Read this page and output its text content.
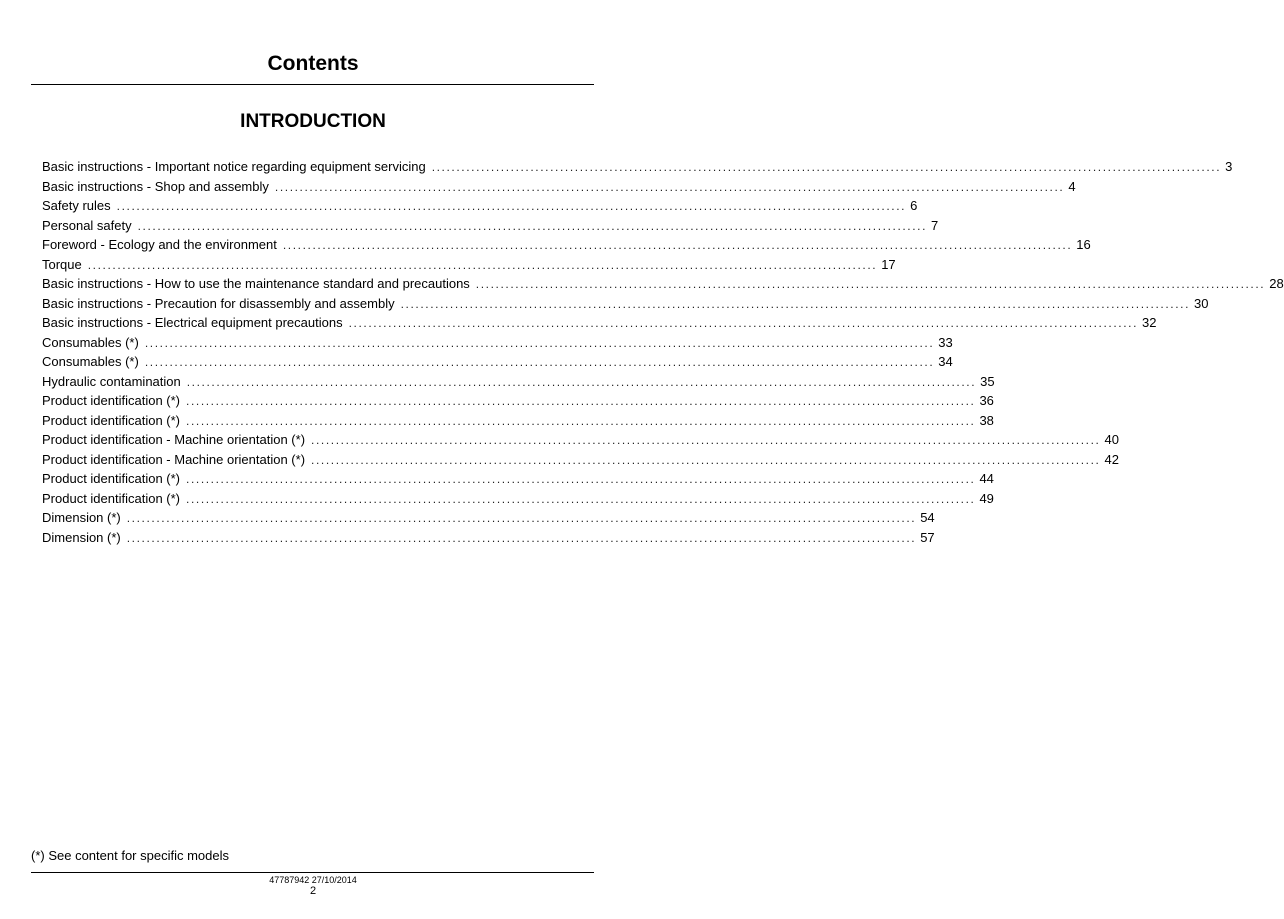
Contents
INTRODUCTION
Basic instructions - Important notice regarding equipment servicing ................................................................................................................................................................ 3
Basic instructions - Shop and assembly ................................................................................................................................................................ 4
Safety rules ................................................................................................................................................................ 6
Personal safety ................................................................................................................................................................ 7
Foreword - Ecology and the environment ................................................................................................................................................................ 16
Torque ................................................................................................................................................................ 17
Basic instructions - How to use the maintenance standard and precautions ................................................................................................................................................................ 28
Basic instructions - Precaution for disassembly and assembly ................................................................................................................................................................ 30
Basic instructions - Electrical equipment precautions ................................................................................................................................................................ 32
Consumables (*) ................................................................................................................................................................ 33
Consumables (*) ................................................................................................................................................................ 34
Hydraulic contamination ................................................................................................................................................................ 35
Product identification (*) ................................................................................................................................................................ 36
Product identification (*) ................................................................................................................................................................ 38
Product identification - Machine orientation (*) ................................................................................................................................................................ 40
Product identification - Machine orientation (*) ................................................................................................................................................................ 42
Product identification (*) ................................................................................................................................................................ 44
Product identification (*) ................................................................................................................................................................ 49
Dimension (*) ................................................................................................................................................................ 54
Dimension (*) ................................................................................................................................................................ 57
(*) See content for specific models
47787942 27/10/2014
2
